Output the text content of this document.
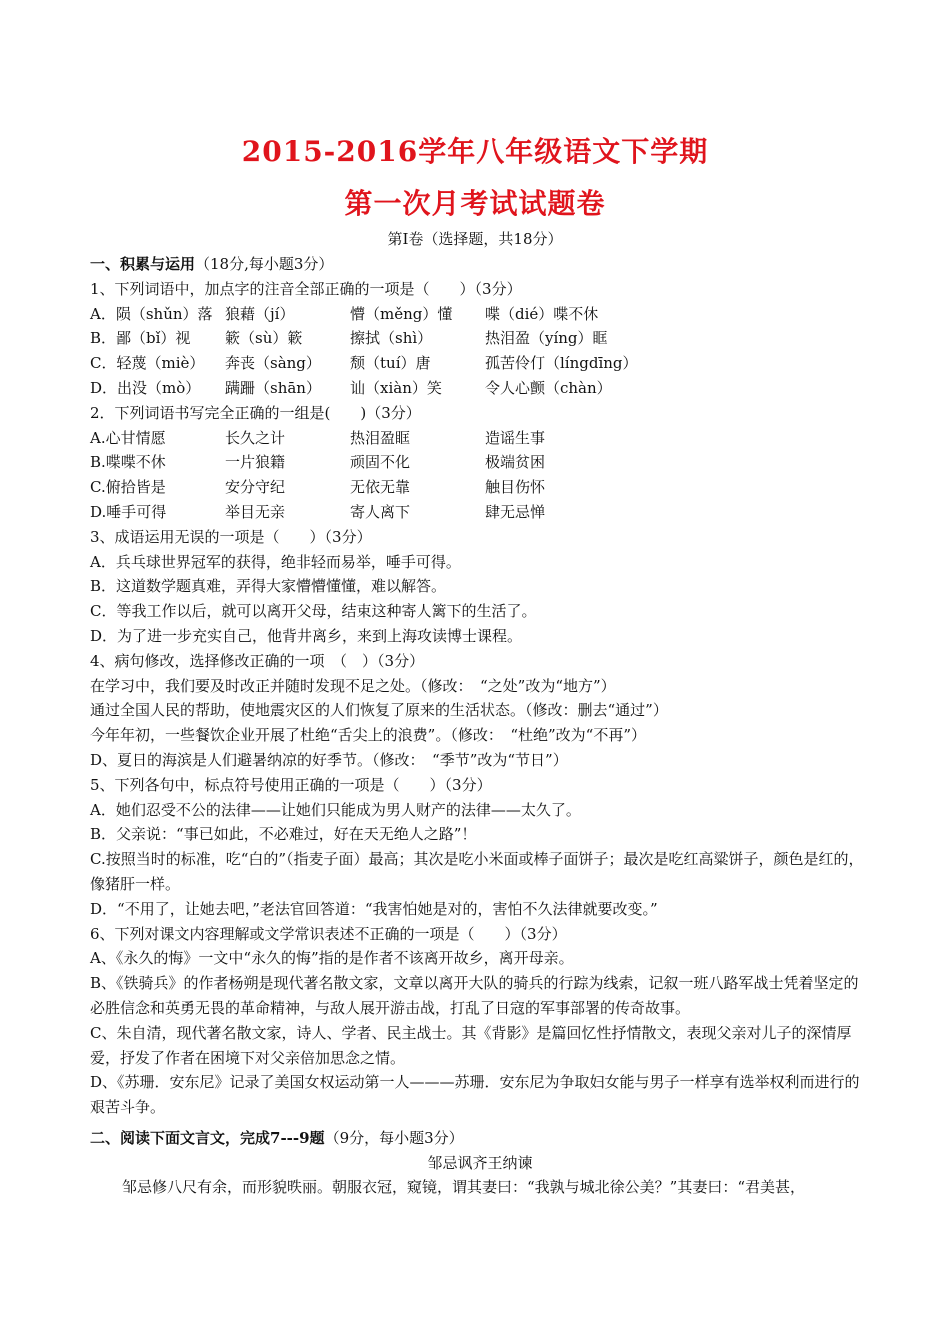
2015-2016学年八年级语文下学期
第一次月考试试题卷
第Ⅰ卷（选择题，共18分）
一、积累与运用（18分,每小题3分）
1、下列词语中，加点字的注音全部正确的一项是（　　）（3分）
A．陨（shǔn）落 狼藉（jí）	懵（měng）懂 喋（dié）喋不休
B．鄙（bǐ）视 簌（sù）簌	擦拭（shì）	热泪盈（yíng）眶
C．轻蔑（miè） 奔丧（sàng） 颓（tuí）唐	孤苦伶仃（língdīng）
D．出没（mò） 蹒跚（shān） 讪（xiàn）笑	令人心颤（chàn）
2．下列词语书写完全正确的一组是(　　)（3分）
A.心甘情愿	长久之计	热泪盈眶	造谣生事
B.喋喋不休	一片狼籍	顽固不化	极端贫困
C.俯拾皆是	安分守纪	无依无靠	触目伤怀
D.唾手可得	举目无亲	寄人离下	肆无忌惮
3、成语运用无误的一项是（　　）（3分）
A．兵乓球世界冠军的获得，绝非轻而易举，唾手可得。
B．这道数学题真难，弄得大家懵懵懂懂，难以解答。
C．等我工作以后，就可以离开父母，结束这种寄人篱下的生活了。
D．为了进一步充实自己，他背井离乡，来到上海攻读博士课程。
4、病句修改，选择修改正确的一项　（　）（3分）
在学习中，我们要及时改正并随时发现不足之处。（修改：　“之处”改为“地方”）
通过全国人民的帮助，使地震灾区的人们恢复了原来的生活状态。（修改：删去“通过”）
今年年初，一些餐饮企业开展了杜绝“舌尖上的浪费”。（修改：　“杜绝”改为“不再”）
D、夏日的海滨是人们避暑纳凉的好季节。（修改：　“季节”改为“节日”）
5、下列各句中，标点符号使用正确的一项是（　　）（3分）
A．她们忍受不公的法律——让她们只能成为男人财产的法律——太久了。
B．父亲说：“事已如此，不必难过，好在天无绝人之路”！
C.按照当时的标准，吃“白的”（指麦子面）最高；其次是吃小米面或棒子面饼子；最次是吃红高粱饼子，颜色是红的，像猪肝一样。
D．“不用了，让她去吧，”老法官回答道：“我害怕她是对的，害怕不久法律就要改变。”
6、下列对课文内容理解或文学常识表述不正确的一项是（　　）（3分）
A、《永久的悔》一文中“永久的悔”指的是作者不该离开故乡，离开母亲。
B、《铁骑兵》的作者杨朔是现代著名散文家，文章以离开大队的骑兵的行踪为线索，记叙一班八路军战士凭着坚定的必胜信念和英勇无畏的革命精神，与敌人展开游击战，打乱了日寇的军事部署的传奇故事。
C、朱自清，现代著名散文家，诗人、学者、民主战士。其《背影》是篇回忆性抒情散文，表现父亲对儿子的深情厚爱，抒发了作者在困境下对父亲倍加思念之情。
D、《苏珊．安东尼》记录了美国女权运动第一人———苏珊．安东尼为争取妇女能与男子一样享有选举权利而进行的艰苦斗争。
二、阅读下面文言文，完成7---9题（9分，每小题3分）
邹忌讽齐王纳谏
邹忌修八尺有余，而形貌昳丽。朝服衣冠，窥镜，谓其妻曰：“我孰与城北徐公美？”其妻曰：“君美甚，
